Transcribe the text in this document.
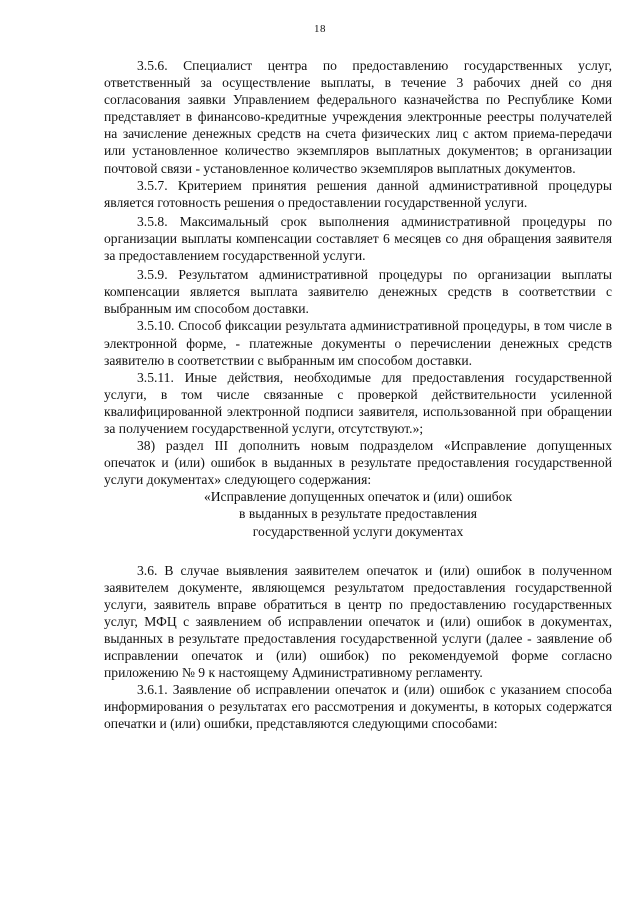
18

3.5.6. Специалист центра по предоставлению государственных услуг, ответственный за осуществление выплаты, в течение 3 рабочих дней со дня согласования заявки Управлением федерального казначейства по Республике Коми представляет в финансово-кредитные учреждения электронные реестры получателей на зачисление денежных средств на счета физических лиц с актом приема-передачи или установленное количество экземпляров выплатных документов; в организации почтовой связи - установленное количество экземпляров выплатных документов.

3.5.7. Критерием принятия решения данной административной процедуры является готовность решения о предоставлении государственной услуги.

3.5.8. Максимальный срок выполнения административной процедуры по организации выплаты компенсации составляет 6 месяцев со дня обращения заявителя за предоставлением государственной услуги.

3.5.9. Результатом административной процедуры по организации выплаты компенсации является выплата заявителю денежных средств в соответствии с выбранным им способом доставки.

3.5.10. Способ фиксации результата административной процедуры, в том числе в электронной форме, - платежные документы о перечислении денежных средств заявителю в соответствии с выбранным им способом доставки.

3.5.11. Иные действия, необходимые для предоставления государственной услуги, в том числе связанные с проверкой действительности усиленной квалифицированной электронной подписи заявителя, использованной при обращении за получением государственной услуги, отсутствуют.»;

38) раздел III дополнить новым подразделом «Исправление допущенных опечаток и (или) ошибок в выданных в результате предоставления государственной услуги документах» следующего содержания:

«Исправление допущенных опечаток и (или) ошибок

в выданных в результате предоставления

государственной услуги документах

3.6. В случае выявления заявителем опечаток и (или) ошибок в полученном заявителем документе, являющемся результатом предоставления государственной услуги, заявитель вправе обратиться в центр по предоставлению государственных услуг, МФЦ с заявлением об исправлении опечаток и (или) ошибок в документах, выданных в результате предоставления государственной услуги (далее - заявление об исправлении опечаток и (или) ошибок) по рекомендуемой форме согласно приложению № 9 к настоящему Административному регламенту.

3.6.1. Заявление об исправлении опечаток и (или) ошибок с указанием способа информирования о результатах его рассмотрения и документы, в которых содержатся опечатки и (или) ошибки, представляются следующими способами:
